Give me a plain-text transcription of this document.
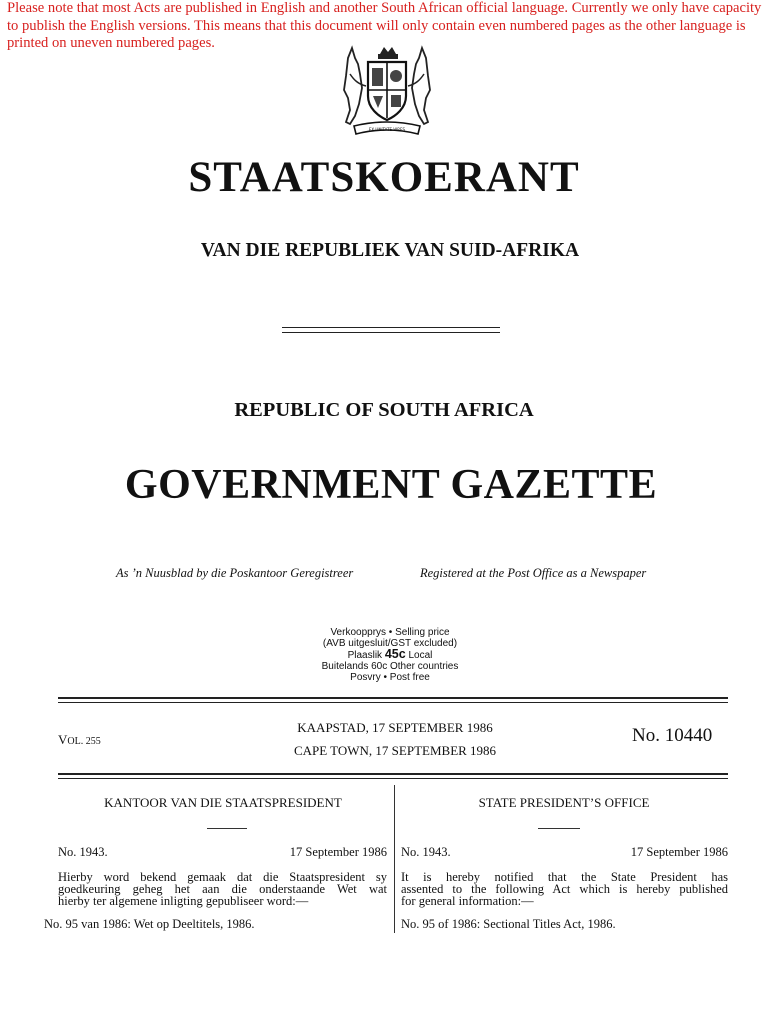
Please note that most Acts are published in English and another South African official language. Currently we only have capacity to publish the English versions. This means that this document will only contain even numbered pages as the other language is printed on uneven numbered pages.
EX UNITATE VIRES
STAATSKOERANT
VAN DIE REPUBLIEK VAN SUID-AFRIKA
REPUBLIC OF SOUTH AFRICA
GOVERNMENT GAZETTE
As ’n Nuusblad by die Poskantoor Geregistreer	Registered at the Post Office as a Newspaper
Verkoopprys • Selling price
(AVB uitgesluit/GST excluded)
Plaaslik 45c Local
Buitelands 60c Other countries
Posvry • Post free
VOL. 255
KAAPSTAD, 17 SEPTEMBER 1986
CAPE TOWN, 17 SEPTEMBER 1986
No. 10440
KANTOOR VAN DIE STAATSPRESIDENT
No. 1943.	17 September 1986
Hierby word bekend gemaak dat die Staatspresident sy
goedkeuring geheg het aan die onderstaande Wet wat
hierby ter algemene inligting gepubliseer word:—
No. 95 van 1986: Wet op Deeltitels, 1986.
STATE PRESIDENT’S OFFICE
No. 1943.	17 September 1986
It is hereby notified that the State President has
assented to the following Act which is hereby published
for general information:—
No. 95 of 1986: Sectional Titles Act, 1986.
